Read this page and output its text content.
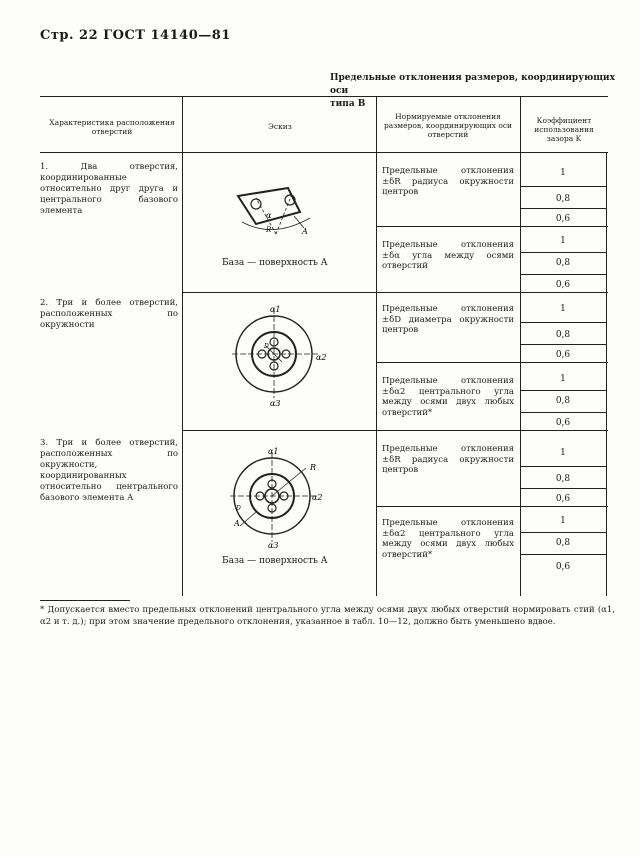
Стр. 22 ГОСТ 14140—81
Предельные отклонения размеров, координирующих оси
типа В
Характеристика расположения отверстий
Эскиз
Нормируемые отклонения размеров, координирующих оси отверстий
Коэффициент использования зазора K
1. Два отверстия, координированные относительно друг друга и центрального базового элемента	α
R	A
База — поверхность A
Предельные отклонения ±δR радиуса окружности центров
Предельные отклонения ±δα угла между осями отверстий
1
0,8
0,6
1
0,8
0,6
2. Три и более отверстий, расположенных по окружности
α1
α2
α3
D
Предельные отклонения ±δD диаметра окружности центров
Предельные отклонения ±δα2 центрального угла между осями двух любых отверстий*
1
0,8
0,6
1
0,8
0,6
3. Три и более отверстий, расположенных по окружности, координированных относительно центрального базового элемента A
α1
α2
α3
R
A
D
База — поверхность A
Предельные отклонения ±δR радиуса окружности центров
Предельные отклонения ±δα2 центрального угла между осями двух любых отверстий*
1
0,8
0,6
1
0,8
0,6
* Допускается вместо предельных отклонений центрального угла между осями двух любых отверстий нормировать стий (α1, α2 и т. д.); при этом значение предельного отклонения, указанное в табл. 10—12, должно быть уменьшено вдвое.
